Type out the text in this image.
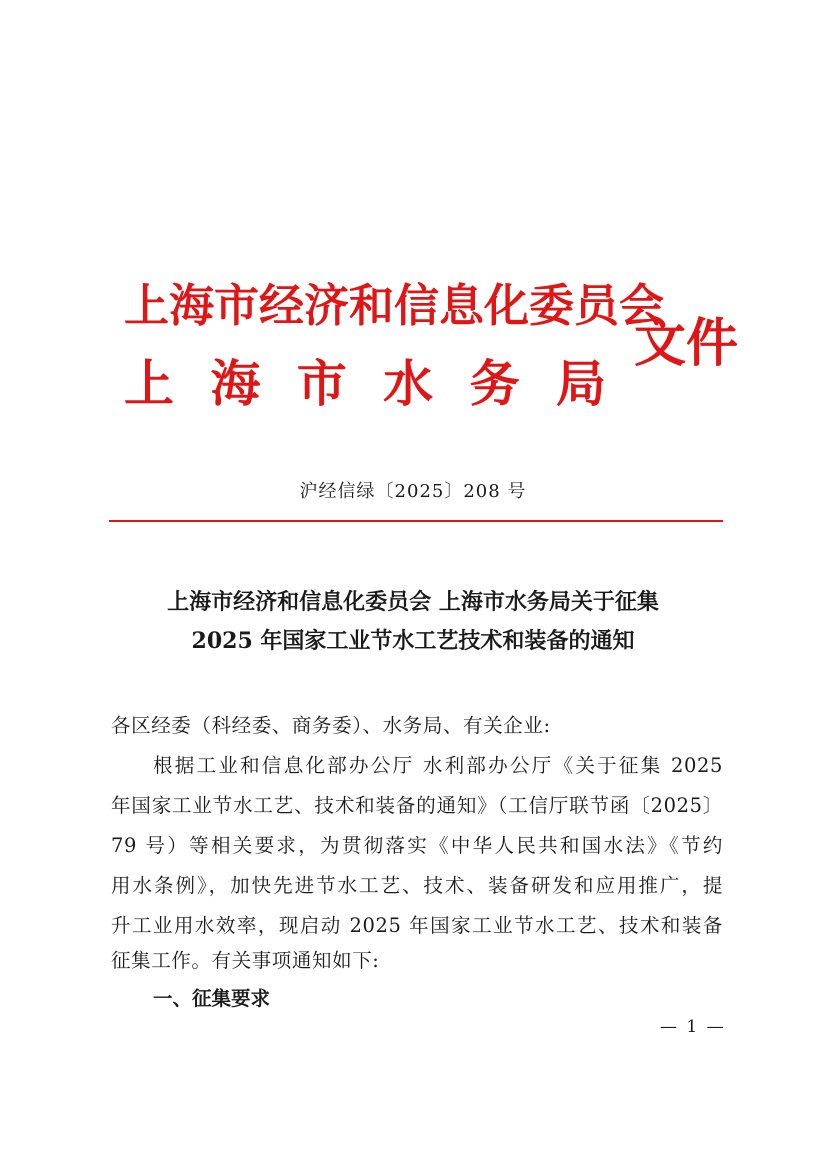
上海市经济和信息化委员会
上 海 市 水 务 局
文件
沪经信绿〔2025〕208 号
上海市经济和信息化委员会 上海市水务局关于征集
2025 年国家工业节水工艺技术和装备的通知
各区经委（科经委、商务委）、水务局、有关企业:
根据工业和信息化部办公厅 水利部办公厅《关于征集 2025
年国家工业节水工艺、技术和装备的通知》（工信厅联节函〔2025〕
79 号）等相关要求，为贯彻落实《中华人民共和国水法》《节约
用水条例》，加快先进节水工艺、技术、装备研发和应用推广，提
升工业用水效率，现启动 2025 年国家工业节水工艺、技术和装备
征集工作。有关事项通知如下:
一、征集要求
— 1 —
